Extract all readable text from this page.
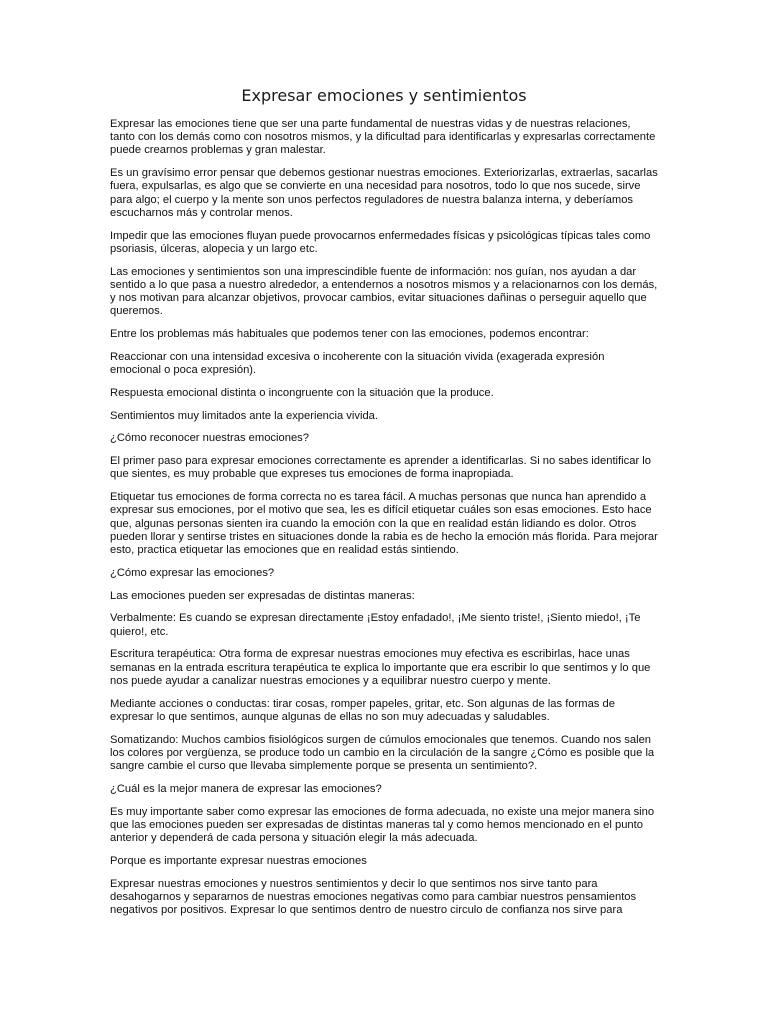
Expresar emociones y sentimientos

Expresar las emociones tiene que ser una parte fundamental de nuestras vidas y de nuestras relaciones, tanto con los demás como con nosotros mismos, y la dificultad para identificarlas y expresarlas correctamente puede crearnos problemas y gran malestar.

Es un gravísimo error pensar que debemos gestionar nuestras emociones. Exteriorizarlas, extraerlas, sacarlas fuera, expulsarlas, es algo que se convierte en una necesidad para nosotros, todo lo que nos sucede, sirve para algo; el cuerpo y la mente son unos perfectos reguladores de nuestra balanza interna, y deberíamos escucharnos más y controlar menos.

Impedir que las emociones fluyan puede provocarnos enfermedades físicas y psicológicas típicas tales como psoriasis, úlceras, alopecia y un largo etc.

Las emociones y sentimientos son una imprescindible fuente de información: nos guían, nos ayudan a dar sentido a lo que pasa a nuestro alrededor, a entendernos a nosotros mismos y a relacionarnos con los demás, y nos motivan para alcanzar objetivos, provocar cambios, evitar situaciones dañinas o perseguir aquello que queremos.

Entre los problemas más habituales que podemos tener con las emociones, podemos encontrar:

Reaccionar con una intensidad excesiva o incoherente con la situación vivida (exagerada expresión emocional o poca expresión).

Respuesta emocional distinta o incongruente con la situación que la produce.

Sentimientos muy limitados ante la experiencia vivida.

¿Cómo reconocer nuestras emociones?

El primer paso para expresar emociones correctamente es aprender a identificarlas. Si no sabes identificar lo que sientes, es muy probable que expreses tus emociones de forma inapropiada.

Etiquetar tus emociones de forma correcta no es tarea fácil. A muchas personas que nunca han aprendido a expresar sus emociones, por el motivo que sea, les es difícil etiquetar cuáles son esas emociones. Esto hace que, algunas personas sienten ira cuando la emoción con la que en realidad están lidiando es dolor. Otros pueden llorar y sentirse tristes en situaciones donde la rabia es de hecho la emoción más florida. Para mejorar esto, practica etiquetar las emociones que en realidad estás sintiendo.

¿Cómo expresar las emociones?

Las emociones pueden ser expresadas de distintas maneras:

Verbalmente: Es cuando se expresan directamente ¡Estoy enfadado!, ¡Me siento triste!, ¡Siento miedo!, ¡Te quiero!, etc.

Escritura terapéutica: Otra forma de expresar nuestras emociones muy efectiva es escribirlas, hace unas semanas en la entrada escritura terapéutica te explica lo importante que era escribir lo que sentimos y lo que nos puede ayudar a canalizar nuestras emociones y a equilibrar nuestro cuerpo y mente.

Mediante acciones o conductas: tirar cosas, romper papeles, gritar, etc. Son algunas de las formas de expresar lo que sentimos, aunque algunas de ellas no son muy adecuadas y saludables.

Somatizando: Muchos cambios fisiológicos surgen de cúmulos emocionales que tenemos. Cuando nos salen los colores por vergüenza, se produce todo un cambio en la circulación de la sangre ¿Cómo es posible que la sangre cambie el curso que llevaba simplemente porque se presenta un sentimiento?.

¿Cuál es la mejor manera de expresar las emociones?

Es muy importante saber como expresar las emociones de forma adecuada, no existe una mejor manera sino que las emociones pueden ser expresadas de distintas maneras tal y como hemos mencionado en el punto anterior y dependerá de cada persona y situación elegir la más adecuada.

Porque es importante expresar nuestras emociones

Expresar nuestras emociones y nuestros sentimientos y decir lo que sentimos nos sirve tanto para desahogarnos y separarnos de nuestras emociones negativas como para cambiar nuestros pensamientos negativos por positivos. Expresar lo que sentimos dentro de nuestro circulo de confianza nos sirve para
